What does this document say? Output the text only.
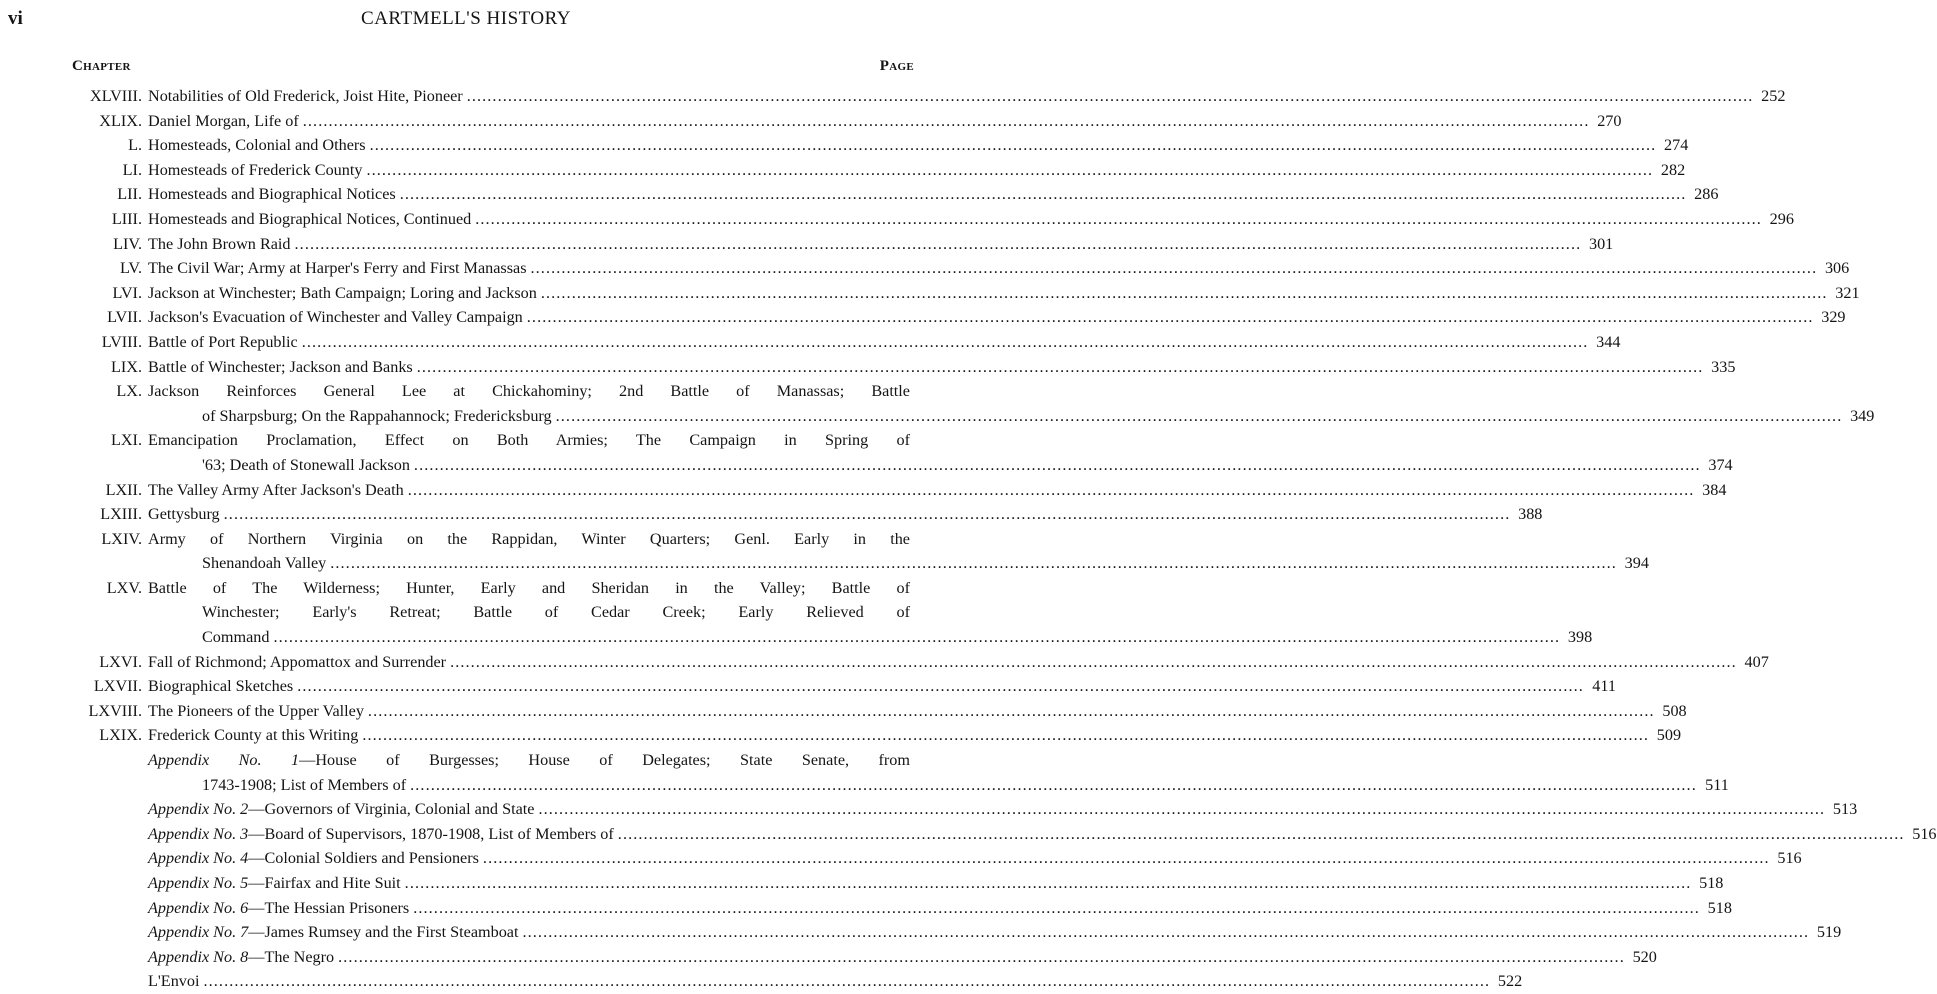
vi	CARTMELL'S HISTORY
Chapter	Page
XLVIII. Notabilities of Old Frederick, Joist Hite, Pioneer .....	252
XLIX. Daniel Morgan, Life of .....	270
L. Homesteads, Colonial and Others .....	274
LI. Homesteads of Frederick County .....	282
LII. Homesteads and Biographical Notices .....	286
LIII. Homesteads and Biographical Notices, Continued .....	296
LIV. The John Brown Raid .....	301
LV. The Civil War; Army at Harper's Ferry and First Manassas .....	306
LVI. Jackson at Winchester; Bath Campaign; Loring and Jackson .....	321
LVII. Jackson's Evacuation of Winchester and Valley Campaign .....	329
LVIII. Battle of Port Republic .....	344
LIX. Battle of Winchester; Jackson and Banks .....	335
LX. Jackson Reinforces General Lee at Chickahominy; 2nd Battle of Manassas; Battle
of Sharpsburg; On the Rappahannock; Fredericksburg .....	349
LXI. Emancipation Proclamation, Effect on Both Armies; The Campaign in Spring of
'63; Death of Stonewall Jackson .....	374
LXII. The Valley Army After Jackson's Death .....	384
LXIII. Gettysburg .....	388
LXIV. Army of Northern Virginia on the Rappidan, Winter Quarters; Genl. Early in the
Shenandoah Valley .....	394
LXV. Battle of The Wilderness; Hunter, Early and Sheridan in the Valley; Battle of
Winchester; Early's Retreat; Battle of Cedar Creek; Early Relieved of
Command .....	398
LXVI. Fall of Richmond; Appomattox and Surrender .....	407
LXVII. Biographical Sketches .....	411
LXVIII. The Pioneers of the Upper Valley .....	508
LXIX. Frederick County at this Writing .....	509
Appendix No. 1—House of Burgesses; House of Delegates; State Senate, from
1743-1908; List of Members of .....	511
Appendix No. 2—Governors of Virginia, Colonial and State .....	513
Appendix No. 3—Board of Supervisors, 1870-1908, List of Members of .....	516
Appendix No. 4—Colonial Soldiers and Pensioners .....	516
Appendix No. 5—Fairfax and Hite Suit .....	518
Appendix No. 6—The Hessian Prisoners .....	518
Appendix No. 7—James Rumsey and the First Steamboat .....	519
Appendix No. 8—The Negro .....	520
L'Envoi .....	522
